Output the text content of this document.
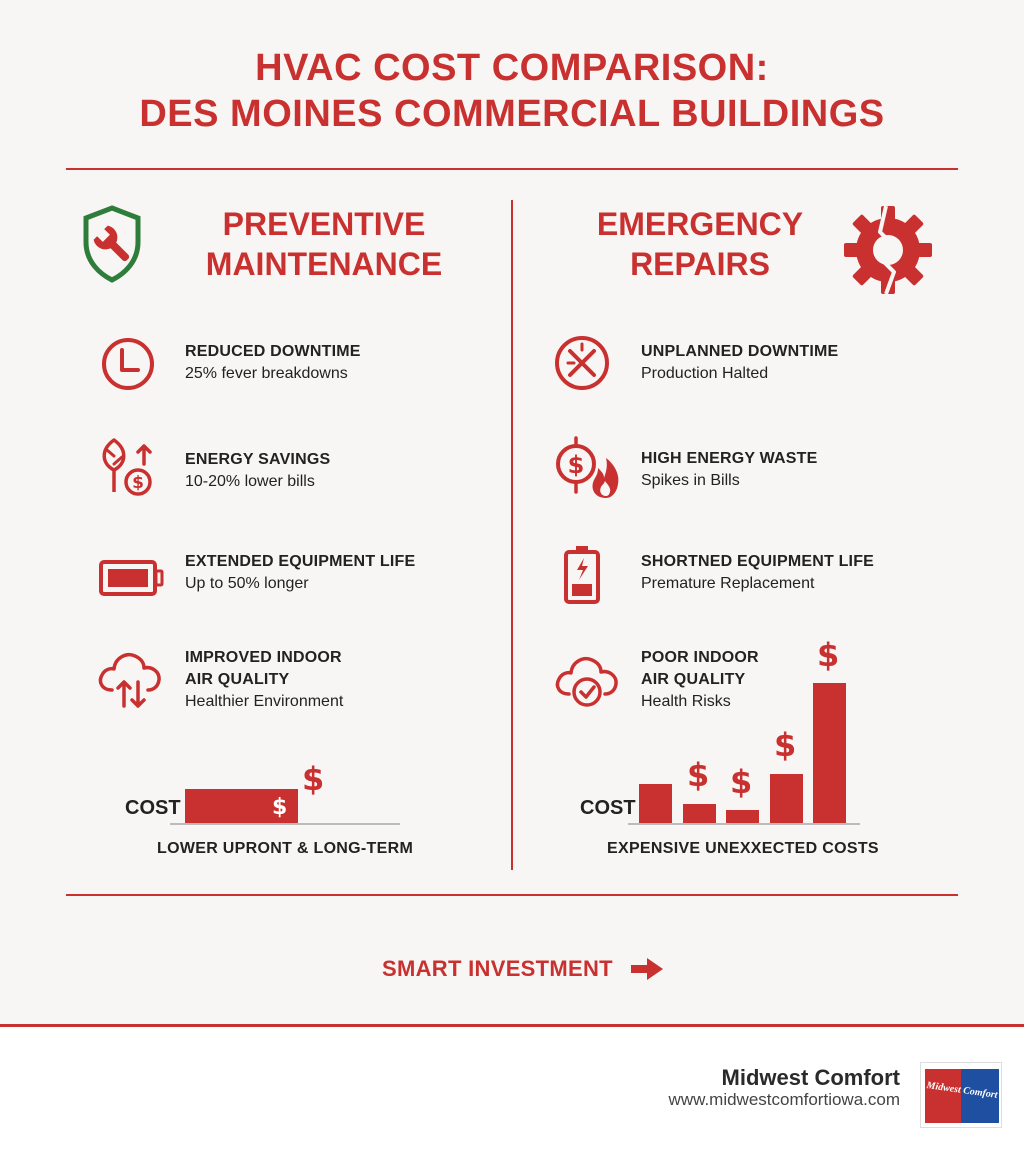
HVAC COST COMPARISON:
DES MOINES COMMERCIAL BUILDINGS
PREVENTIVE
MAINTENANCE
REDUCED DOWNTIME
25% fever breakdowns
$
ENERGY SAVINGS
10-20% lower bills
EXTENDED EQUIPMENT LIFE
Up to 50% longer
IMPROVED INDOOR
AIR QUALITY
Healthier Environment
COST	$
$
LOWER UPRONT & LONG-TERM
EMERGENCY
REPAIRS
UNPLANNED DOWNTIME
Production Halted
$	HIGH ENERGY WASTE
Spikes in Bills
SHORTNED EQUIPMENT LIFE
Premature Replacement
POOR INDOOR
AIR QUALITY
Health Risks
COST
$ $
$
$
EXPENSIVE UNEXXECTED COSTS
SMART INVESTMENT
Midwest Comfort
www.midwestcomfortiowa.com	Midwest Comfort
